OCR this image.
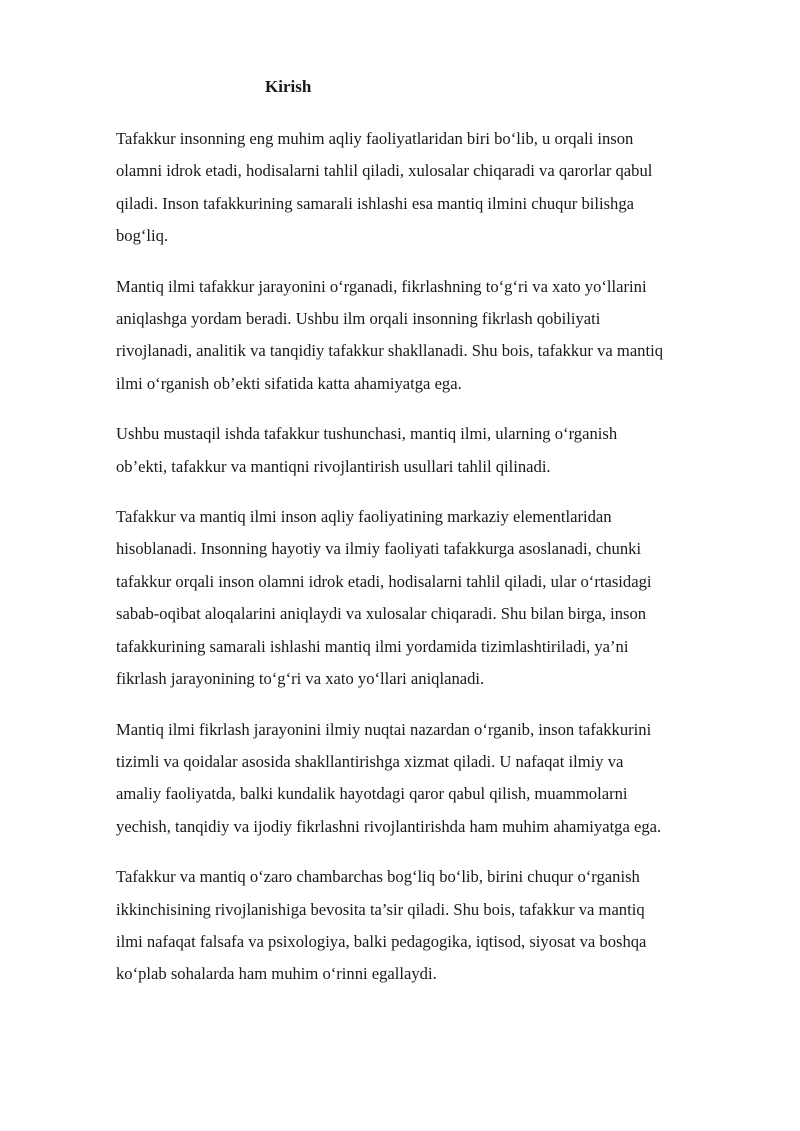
Kirish

Tafakkur insonning eng muhim aqliy faoliyatlaridan biri bo‘lib, u orqali inson
olamni idrok etadi, hodisalarni tahlil qiladi, xulosalar chiqaradi va qarorlar qabul
qiladi. Inson tafakkurining samarali ishlashi esa mantiq ilmini chuqur bilishga
bog‘liq.

Mantiq ilmi tafakkur jarayonini o‘rganadi, fikrlashning to‘g‘ri va xato yo‘llarini
aniqlashga yordam beradi. Ushbu ilm orqali insonning fikrlash qobiliyati
rivojlanadi, analitik va tanqidiy tafakkur shakllanadi. Shu bois, tafakkur va mantiq
ilmi o‘rganish ob’ekti sifatida katta ahamiyatga ega.

Ushbu mustaqil ishda tafakkur tushunchasi, mantiq ilmi, ularning o‘rganish
ob’ekti, tafakkur va mantiqni rivojlantirish usullari tahlil qilinadi.

Tafakkur va mantiq ilmi inson aqliy faoliyatining markaziy elementlaridan
hisoblanadi. Insonning hayotiy va ilmiy faoliyati tafakkurga asoslanadi, chunki
tafakkur orqali inson olamni idrok etadi, hodisalarni tahlil qiladi, ular o‘rtasidagi
sabab-oqibat aloqalarini aniqlaydi va xulosalar chiqaradi. Shu bilan birga, inson
tafakkurining samarali ishlashi mantiq ilmi yordamida tizimlashtiriladi, ya’ni
fikrlash jarayonining to‘g‘ri va xato yo‘llari aniqlanadi.

Mantiq ilmi fikrlash jarayonini ilmiy nuqtai nazardan o‘rganib, inson tafakkurini
tizimli va qoidalar asosida shakllantirishga xizmat qiladi. U nafaqat ilmiy va
amaliy faoliyatda, balki kundalik hayotdagi qaror qabul qilish, muammolarni
yechish, tanqidiy va ijodiy fikrlashni rivojlantirishda ham muhim ahamiyatga ega.

Tafakkur va mantiq o‘zaro chambarchas bog‘liq bo‘lib, birini chuqur o‘rganish
ikkinchisining rivojlanishiga bevosita ta’sir qiladi. Shu bois, tafakkur va mantiq
ilmi nafaqat falsafa va psixologiya, balki pedagogika, iqtisod, siyosat va boshqa
ko‘plab sohalarda ham muhim o‘rinni egallaydi.
